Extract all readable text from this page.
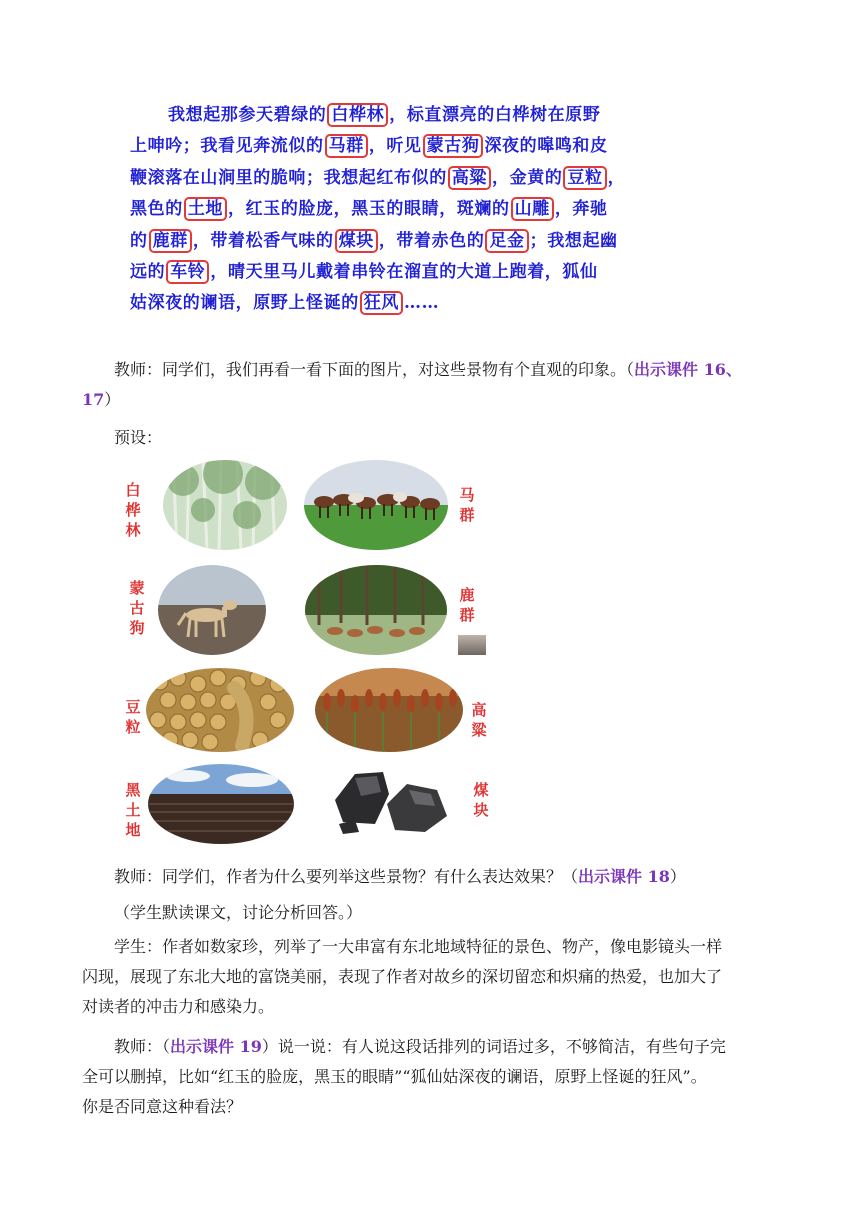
我想起那参天碧绿的 白桦林 ，标直漂亮的白桦树在原野
上呻吟；我看见奔流似的 马群 ，听见 蒙古狗 深夜的嗥鸣和皮
鞭滚落在山涧里的脆响；我想起红布似的 高粱 ，金黄的 豆粒 ，
黑色的 土地 ，红玉的脸庞，黑玉的眼睛，斑斓的 山雕 ，奔驰
的 鹿群 ，带着松香气味的 煤块 ，带着赤色的 足金 ；我想起幽
远的 车铃 ，晴天里马儿戴着串铃在溜直的大道上跑着，狐仙
姑深夜的谰语，原野上怪诞的 狂风 ……
教师：同学们，我们再看一看下面的图片，对这些景物有个直观的印象。（出示课件 16、
17）
预设：
白桦林
马群
蒙古狗
鹿群
豆粒
高粱
黑土地
煤块
教师：同学们，作者为什么要列举这些景物？有什么表达效果？（出示课件 18）
（学生默读课文，讨论分析回答。）
学生：作者如数家珍，列举了一大串富有东北地域特征的景色、物产，像电影镜头一样
闪现，展现了东北大地的富饶美丽，表现了作者对故乡的深切留恋和炽痛的热爱，也加大了
对读者的冲击力和感染力。
教师：（出示课件 19）说一说：有人说这段话排列的词语过多，不够简洁，有些句子完
全可以删掉，比如“红玉的脸庞，黑玉的眼睛”“狐仙姑深夜的谰语，原野上怪诞的狂风”。
你是否同意这种看法？
